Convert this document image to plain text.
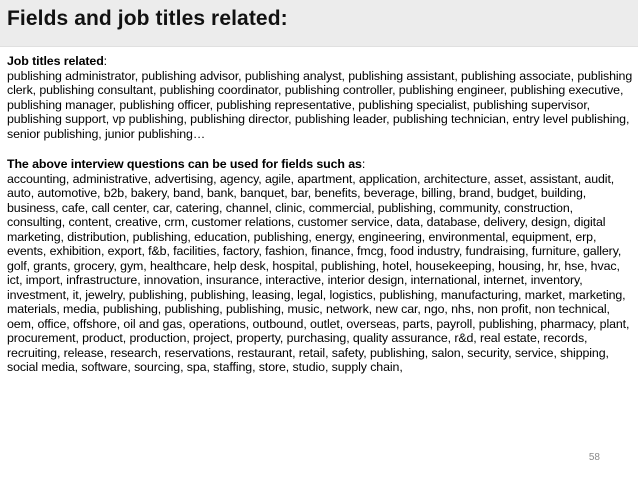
Fields and job titles related:

Job titles related:

publishing administrator, publishing advisor, publishing analyst, publishing assistant, publishing associate, publishing clerk, publishing consultant, publishing coordinator, publishing controller, publishing engineer, publishing executive, publishing manager, publishing officer, publishing representative, publishing specialist, publishing supervisor, publishing support, vp publishing, publishing director, publishing leader, publishing technician, entry level publishing, senior publishing, junior publishing…

The above interview questions can be used for fields such as:

accounting, administrative, advertising, agency, agile, apartment, application, architecture, asset, assistant, audit, auto, automotive, b2b, bakery, band, bank, banquet, bar, benefits, beverage, billing, brand, budget, building, business, cafe, call center, car, catering, channel, clinic, commercial, publishing, community, construction, consulting, content, creative, crm, customer relations, customer service, data, database, delivery, design, digital marketing, distribution, publishing, education, publishing, energy, engineering, environmental, equipment, erp, events, exhibition, export, f&b, facilities, factory, fashion, finance, fmcg, food industry, fundraising, furniture, gallery, golf, grants, grocery, gym, healthcare, help desk, hospital, publishing, hotel, housekeeping, housing, hr, hse, hvac, ict, import, infrastructure, innovation, insurance, interactive, interior design, international, internet, inventory, investment, it, jewelry, publishing, publishing, leasing, legal, logistics, publishing, manufacturing, market, marketing, materials, media, publishing, publishing, publishing, music, network, new car, ngo, nhs, non profit, non technical, oem, office, offshore, oil and gas, operations, outbound, outlet, overseas, parts, payroll, publishing, pharmacy, plant, procurement, product, production, project, property, purchasing, quality assurance, r&d, real estate, records, recruiting, release, research, reservations, restaurant, retail, safety, publishing, salon, security, service, shipping, social media, software, sourcing, spa, staffing, store, studio, supply chain,

58
